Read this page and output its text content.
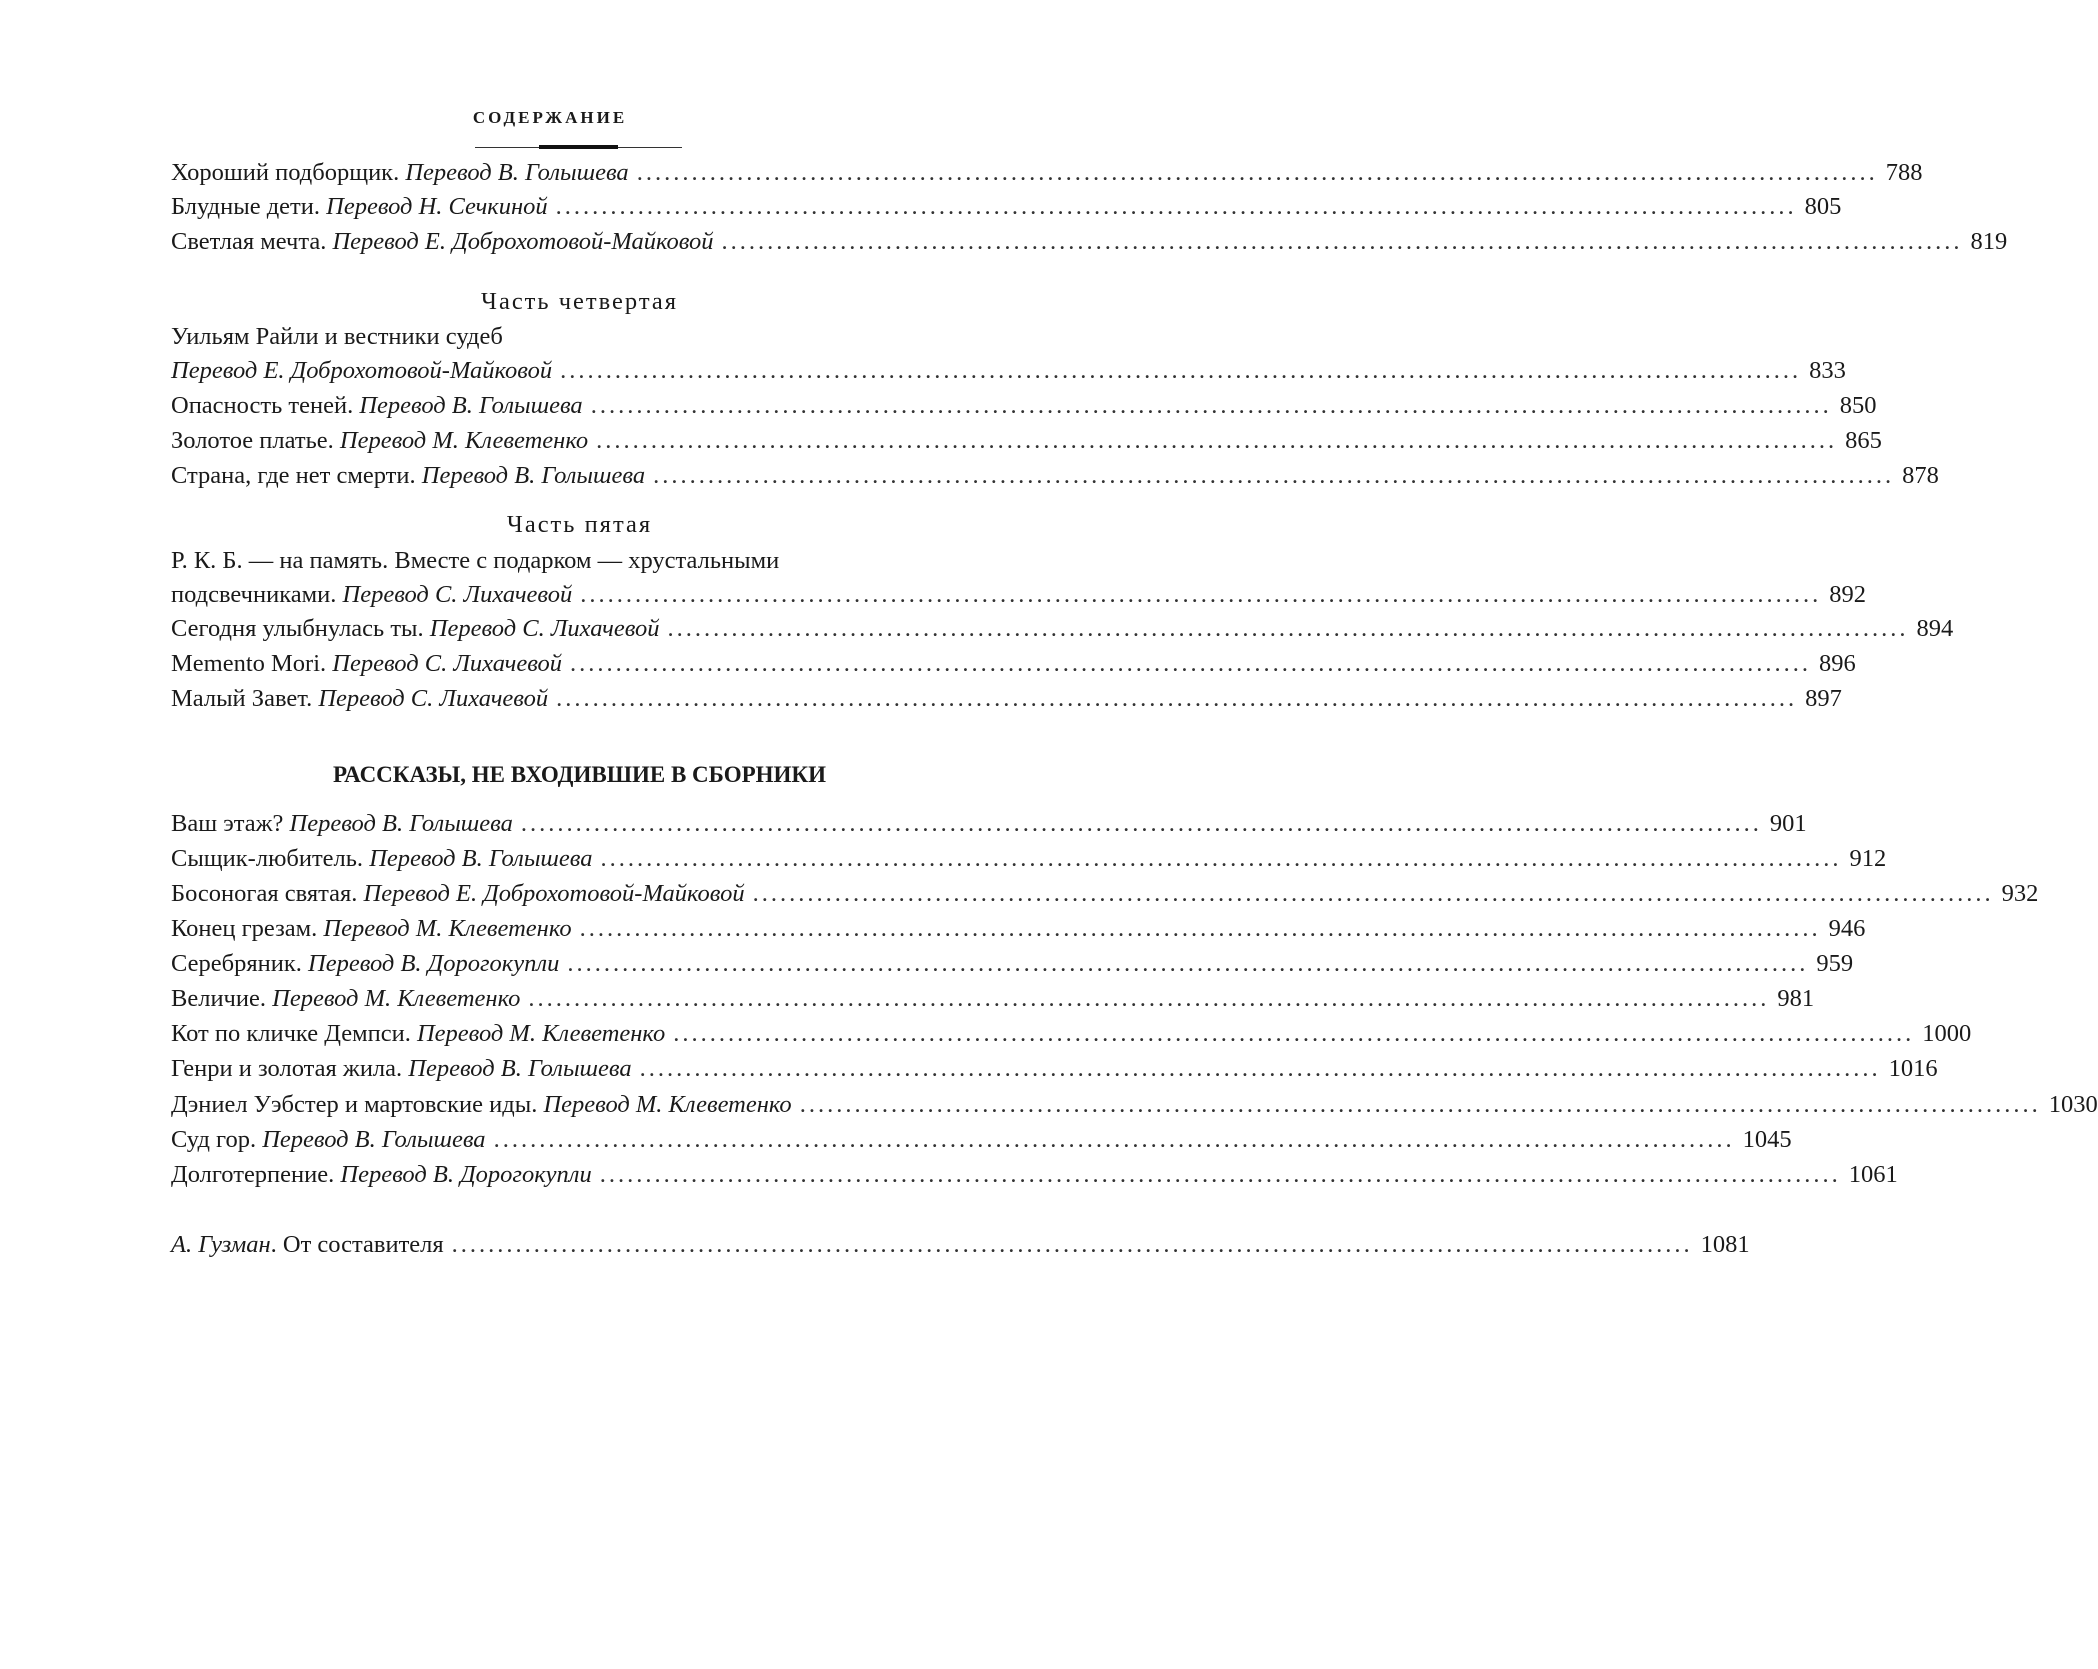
СОДЕРЖАНИЕ
Хороший подборщик. Перевод В. Голышева ........................................................................................................................................ 788
Блудные дети. Перевод Н. Сечкиной ........................................................................................................................................ 805
Светлая мечта. Перевод Е. Доброхотовой-Майковой ........................................................................................................................................ 819
Часть четвертая
Уильям Райли и вестники судеб
Перевод Е. Доброхотовой-Майковой ........................................................................................................................................ 833
Опасность теней. Перевод В. Голышева ........................................................................................................................................ 850
Золотое платье. Перевод М. Клеветенко ........................................................................................................................................ 865
Страна, где нет смерти. Перевод В. Голышева ........................................................................................................................................ 878
Часть пятая
Р. К. Б. — на память. Вместе с подарком — хрустальными
подсвечниками. Перевод С. Лихачевой ........................................................................................................................................ 892
Сегодня улыбнулась ты. Перевод С. Лихачевой ........................................................................................................................................ 894
Memento Mori. Перевод С. Лихачевой ........................................................................................................................................ 896
Малый Завет. Перевод С. Лихачевой ........................................................................................................................................ 897
РАССКАЗЫ, НЕ ВХОДИВШИЕ В СБОРНИКИ
Ваш этаж? Перевод В. Голышева ........................................................................................................................................ 901
Сыщик-любитель. Перевод В. Голышева ........................................................................................................................................ 912
Босоногая святая. Перевод Е. Доброхотовой-Майковой ........................................................................................................................................ 932
Конец грезам. Перевод М. Клеветенко ........................................................................................................................................ 946
Серебряник. Перевод В. Дорогокупли ........................................................................................................................................ 959
Величие. Перевод М. Клеветенко ........................................................................................................................................ 981
Кот по кличке Демпси. Перевод М. Клеветенко ........................................................................................................................................ 1000
Генри и золотая жила. Перевод В. Голышева ........................................................................................................................................ 1016
Дэниел Уэбстер и мартовские иды. Перевод М. Клеветенко ........................................................................................................................................ 1030
Суд гор. Перевод В. Голышева ........................................................................................................................................ 1045
Долготерпение. Перевод В. Дорогокупли ........................................................................................................................................ 1061
А. Гузман. От составителя ........................................................................................................................................ 1081
